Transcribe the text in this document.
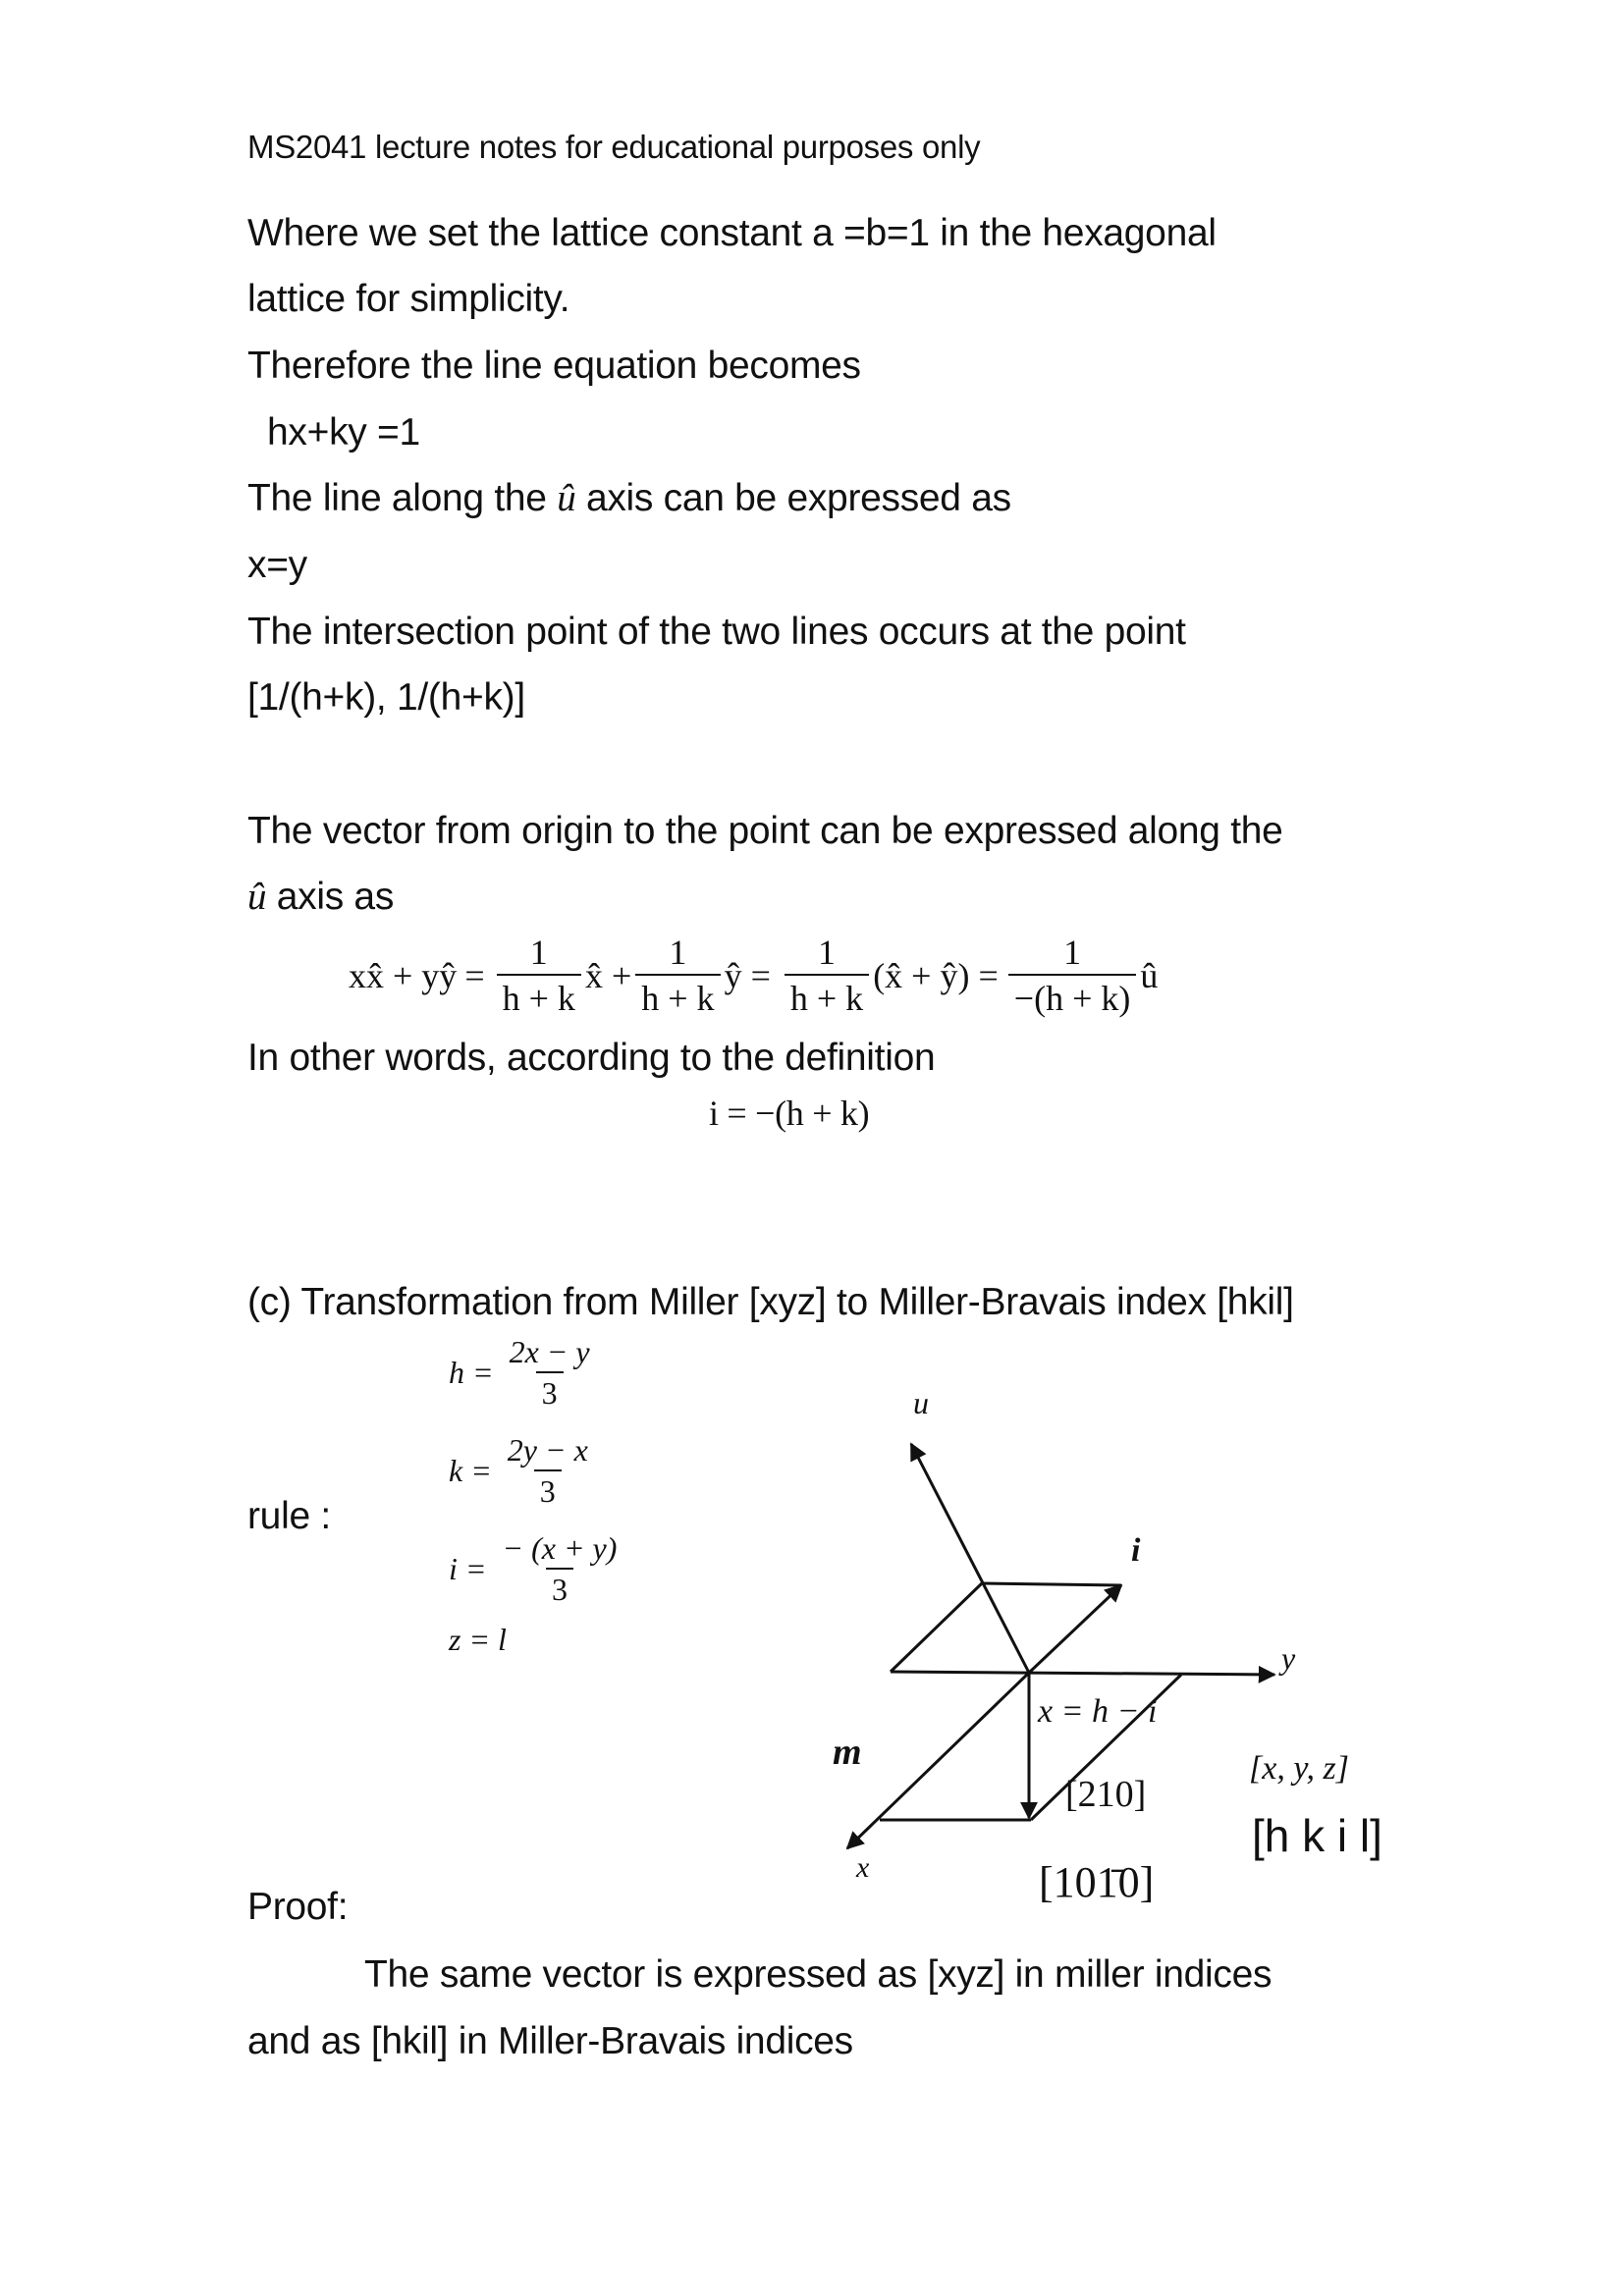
MS2041 lecture notes for educational purposes only
Where we set the lattice constant a =b=1 in the hexagonal
lattice for simplicity.
Therefore the line equation becomes
hx+ky =1
The line along the û axis can be expressed as
x=y
The intersection point of the two lines occurs at the point
[1/(h+k), 1/(h+k)]
The vector from origin to the point can be expressed along the
û axis as
xx̂ + yŷ = $\frac{1}{h + k}$ x̂ + $\frac{1}{h + k}$ ŷ = $\frac{1}{h + k}$ (x̂ + ŷ) = $\frac{1}{-(h + k)}$ û
In other words, according to the definition
i = −(h + k)
(c) Transformation from Miller [xyz] to Miller-Bravais index [hkil]
rule :
$h = \frac{2x - y}{3}$
$k = \frac{2y - x}{3}$
$i = \frac{- (x + y)}{3}$
z = l
u
i
y
x = h − i
m
x
[210]
[101̄0]
[x, y, z]
[h k i l]
Proof:
The same vector is expressed as [xyz] in miller indices
and as [hkil] in Miller-Bravais indices
